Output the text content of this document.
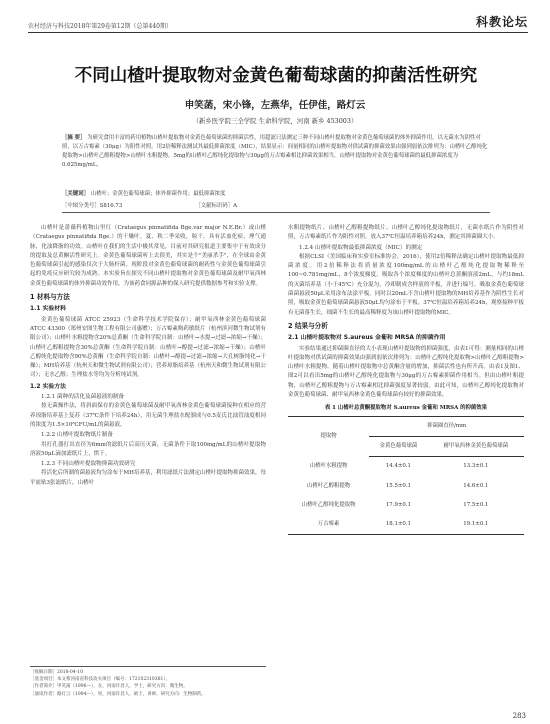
农村经济与科技2018年第29卷第12期（总第440期）	科教论坛
不同山楂叶提取物对金黄色葡萄球菌的抑菌活性研究
申笑菡，宋小锋，左燕华，任伊佳，路灯云
（新乡医学院三全学院 生命科学院，河南 新乡 453003）
［摘 要］ 为研究食用丰富的药用植物山楂叶提取物对金黄色葡萄球菌的抑菌活性，用超滤只法测定三种不同山楂叶提取物对金黄色葡萄球菌的体外抑菌作用，以无菌水为阴性对照，以万古霉素（30μg）为阳性对照。用2倍稀释法测试其最低抑菌浓度（MIC），结果显示：间量相同的山楂叶提取物对供试菌的抑菌效果由强到弱依次排列为：山楂叶乙醇纯化提取物>山楂叶乙醇粗提物>山楂叶水粗提物。5mg的山楂叶乙醇纯化提取物与30μg的万古霉素相比抑菌效果相当，山楂叶提取物对金黄色葡萄球菌的最低抑菌浓度为0.625mg/mL。
［关键词］ 山楂叶；金黄色葡萄球菌；体外抑菌作用；最低抑菌浓度
［中图分类号］S816.73	［文献标识码］A

山楂叶是蔷薇科植物山里红（Crataegus pinnatifida Bge.var major N.E.Br.）或山楂（Crataegus pinnatifida Bge.）的干燥叶，夏、秋二季采收，晾干，具有活血化瘀，理气通脉，化浊降脂的功效。山楂叶在我们的生活中极其常见，目前对其研究报道主要集中于有效成分的提取及总黄酮活性研究上。金黄色葡萄球菌听上去很美，其实是个"美丽杀手"，在全球由金黄色葡萄球菌引起的感染仅次于大肠杆菌。现阶段对金黄色葡萄球菌的耐药性与金黄色葡萄球菌引起的免疫反应研究较为成熟。本实验旨在探究不同山楂叶提取物对金黄色葡萄球菌及耐甲氧西林金黄色葡萄球菌的体外抑菌功效作用，为该药食同源品种的保人研究提供数据参考和实验支撑。

1 材料与方法
1.1 实验材料

金黄色葡萄球菌 ATCC 25923（生命科学技术学院保存）；耐甲氧西林金黄色葡萄球菌 ATCC 43300（郑州安图生物工程有限公司惠赠）；万古霉素购药敏纸片（杭州滨河微生物试剂有限公司）；山楂叶水粗提物含20%总黄酮（生命科学院自制：山楂叶→水提→过滤→浓缩→干燥）；山楂叶乙醇粗提物含30%总黄酮（生命科学院自制：山楂叶→醇提→过滤→浓缩→干燥）；山楂叶乙醇纯化提取物含90%总黄酮（生命科学院自制：山楂叶→醇提→过滤→浓缩→大孔树脂纯化→干燥）；MH培养基（杭州天和微生物试剂有限公司）；营养琼脂培养基（杭州天和微生物试剂有限公司）；无水乙醇；生理盐水等均为分析纯试剂。

1.2 实验方法
1.2.1 菌种的活化及菌悬液的制备

按无菌操作法，将斜面保存的金黄色葡萄球菌及耐甲氧西林金黄色葡萄球菌接种在相应的营养琼脂培养基上复苏（37℃条件下培养24h），用无菌生理盐水配制成与0.5麦氏比浊管浊度相同的浓度为1.5×10⁸CFU/mL的菌悬液。

1.2.2 山楂叶提取物纸片制备

用打孔器打出直径为6mm的滤纸片后高压灭菌，无菌条件下取100mg/mL的山楂叶提取物溶液50μL滴加滤纸片上，烘干。

1.2.3 不同山楂叶提取物抑菌功效研究

将活化后所制的菌悬液均匀涂布于MH培养基，利用滤纸片法测定山楂叶提取物抑菌效果，每平皿贴3张滤纸片，山楂叶

［收稿日期］2018-04-10
［基金项目］本文系河南省科技攻关项目（编号：172102310361）。
［作者简介］申笑菡（1996—），女，河南许昌人，学士，研究方向：微生物。
［通讯作者］路灯云（1984—），男，河南许昌人，硕士，讲师，研究方向：生物制药。

水粗提物纸片、山楂叶乙醇粗提物纸片、山楂叶乙醇纯化提取物纸片，无菌水纸片作为阴性对照，万古霉素纸片作为阳性对照。放入37℃恒温培养箱培养24h，测定其抑菌圈大小。

1.2.4 山楂叶提取物最低抑菌浓度（MIC）的测定

根据CLSI（美国临床和实验室标准协会，2016），使用2倍稀释法确定山楂叶提取物最低抑菌浓度。用2倍稀释法将质量浓度100mg/mL的山楂叶乙醇纯化提取物稀释至100~0.781mg/mL，8个浓度梯度。吸取各个浓度梯度的山楂叶总黄酮溶液2mL，与约18mL的灭菌培养基（小于45℃）充分混匀，冷却制成含样液的平板，并进行编号。吸取金黄色葡萄球菌菌悬液50μL采用涂布法涂平板。同时以20mL不含山楂叶提取物的MH培养基作为阴性生长对照，吸取金黄色葡萄球菌菌悬液50μL均匀涂布于平板。37℃恒温培养箱培养24h，观察接种平板有无菌落生长，细菌不生长的最高稀释度为该山楂叶提取物的MIC。

2 结果与分析
2.1 山楂叶提取物对 S.aureus 金葡和 MRSA 的抑菌作用

实验结果通过抑菌圈直径的大小表现山楂叶提取物的抑菌强度，由表1可得：测量相同的山楂叶提取物对供试菌的抑菌效果由强到弱依次排列为：山楂叶乙醇纯化提取物>山楂叶乙醇粗提物>山楂叶水粗提物。随着山楂叶提取物中总黄酮含量的增加，抑菌活性也有所升高。由表1及图1、图2可以看出5mg的山楂叶乙醇纯化提取物与30μg的万古霉素抑菌作用相当。但由山楂叶粗提物，山楂叶乙醇粗提物与万古霉素相比抑菌强度显著较弱。由此可知，山楂叶乙醇纯化提取物对金黄色葡萄球菌、耐甲氧西林金黄色葡萄球菌有较好的抑菌效果。

表 1 山楂叶总黄酮提取物对 S.aureus 金葡和 MRSA 的抑菌效果
提取物	抑菌圈直径/mm	
	金黄色葡萄球菌	耐甲氧西林金黄色葡萄球菌
山楂叶水粗提物	14.4±0.1	13.3±0.1
山楂叶乙醇粗提物	15.5±0.1	14.6±0.1
山楂叶乙醇纯化提取物	17.9±0.1	17.5±0.1
万古霉素	18.1±0.1	19.1±0.1
283
